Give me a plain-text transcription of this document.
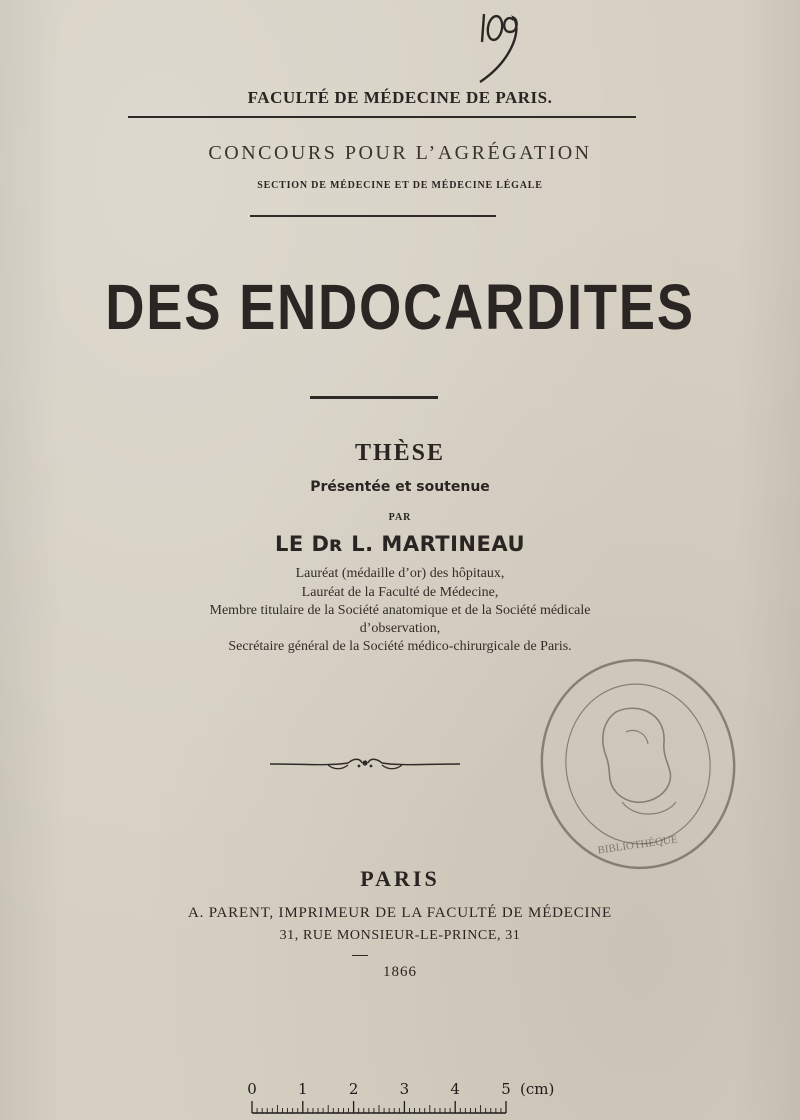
FACULTÉ DE MÉDECINE DE PARIS.
CONCOURS POUR L’AGRÉGATION
SECTION DE MÉDECINE ET DE MÉDECINE LÉGALE
DES ENDOCARDITES
THÈSE
Présentée et soutenue
PAR
LE Dʀ L. MARTINEAU
Lauréat (médaille d’or) des hôpitaux,
Lauréat de la Faculté de Médecine,
Membre titulaire de la Société anatomique et de la Société médicale
d’observation,
Secrétaire général de la Société médico-chirurgicale de Paris.
BIBLIOTHÈQUE
PARIS
A. PARENT, IMPRIMEUR DE LA FACULTÉ DE MÉDECINE
31, RUE MONSIEUR-LE-PRINCE, 31
1866
0	1	2	3	4	5 (cm)
